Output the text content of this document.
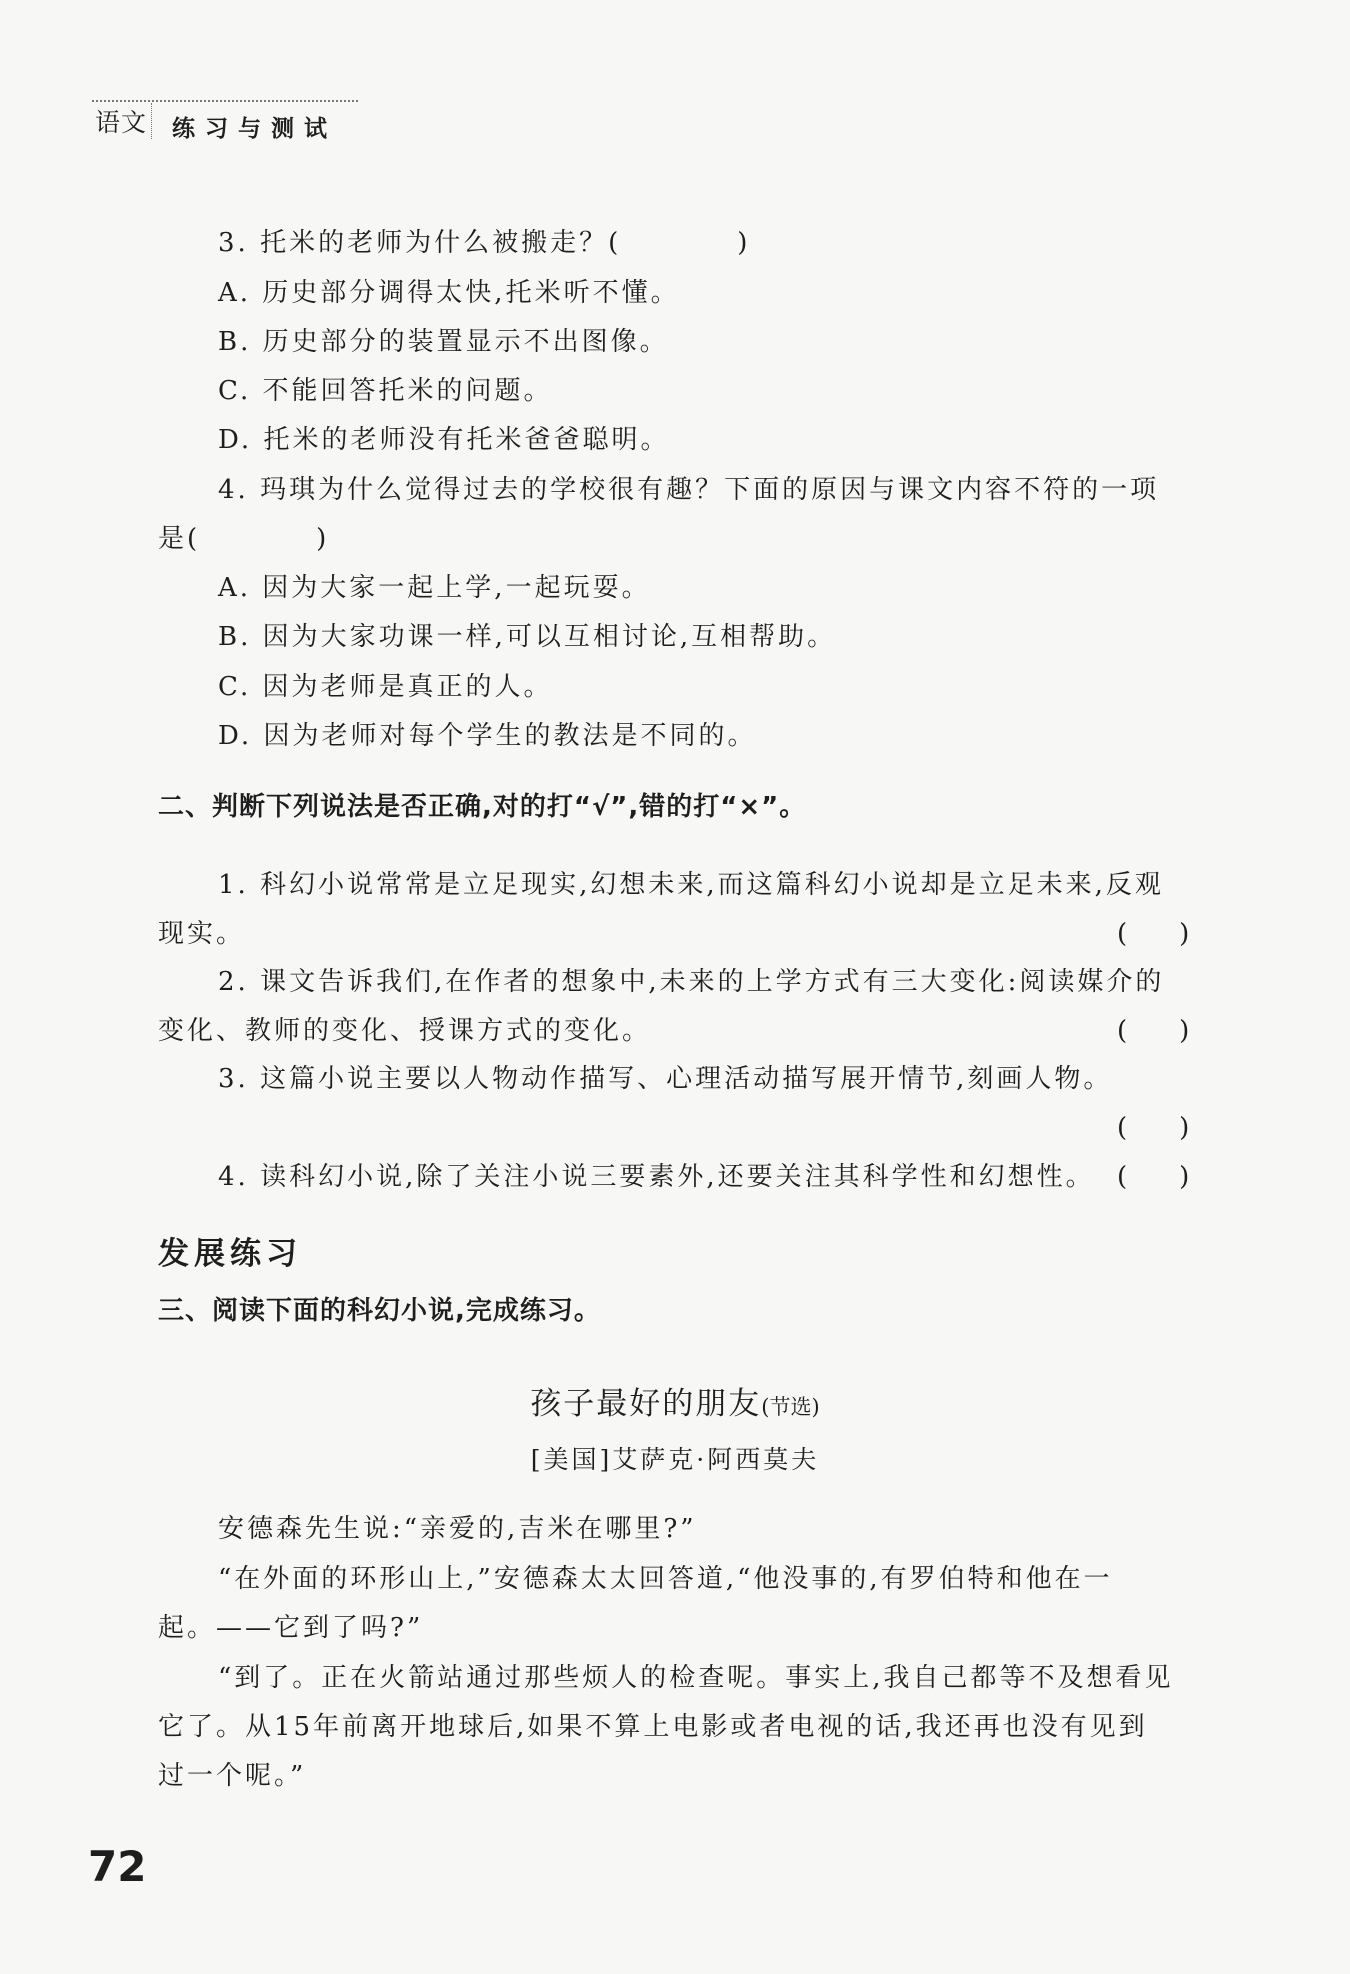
语文 练习与测试
3. 托米的老师为什么被搬走？(　　　　)
A. 历史部分调得太快,托米听不懂。
B. 历史部分的装置显示不出图像。
C. 不能回答托米的问题。
D. 托米的老师没有托米爸爸聪明。
4. 玛琪为什么觉得过去的学校很有趣？下面的原因与课文内容不符的一项
是(　　　　)
A. 因为大家一起上学,一起玩耍。
B. 因为大家功课一样,可以互相讨论,互相帮助。
C. 因为老师是真正的人。
D. 因为老师对每个学生的教法是不同的。
二、判断下列说法是否正确,对的打“√”,错的打“×”。
1. 科幻小说常常是立足现实,幻想未来,而这篇科幻小说却是立足未来,反观
现实。	(　　)
2. 课文告诉我们,在作者的想象中,未来的上学方式有三大变化:阅读媒介的
变化、教师的变化、授课方式的变化。	(　　)
3. 这篇小说主要以人物动作描写、心理活动描写展开情节,刻画人物。
(　　)
4. 读科幻小说,除了关注小说三要素外,还要关注其科学性和幻想性。 (　　)
发展练习
三、阅读下面的科幻小说,完成练习。
孩子最好的朋友(节选)
[美国]艾萨克·阿西莫夫
安德森先生说:“亲爱的,吉米在哪里?”
“在外面的环形山上,”安德森太太回答道,“他没事的,有罗伯特和他在一
起。——它到了吗?”
“到了。正在火箭站通过那些烦人的检查呢。事实上,我自己都等不及想看见
它了。从15年前离开地球后,如果不算上电影或者电视的话,我还再也没有见到
过一个呢。”
72
